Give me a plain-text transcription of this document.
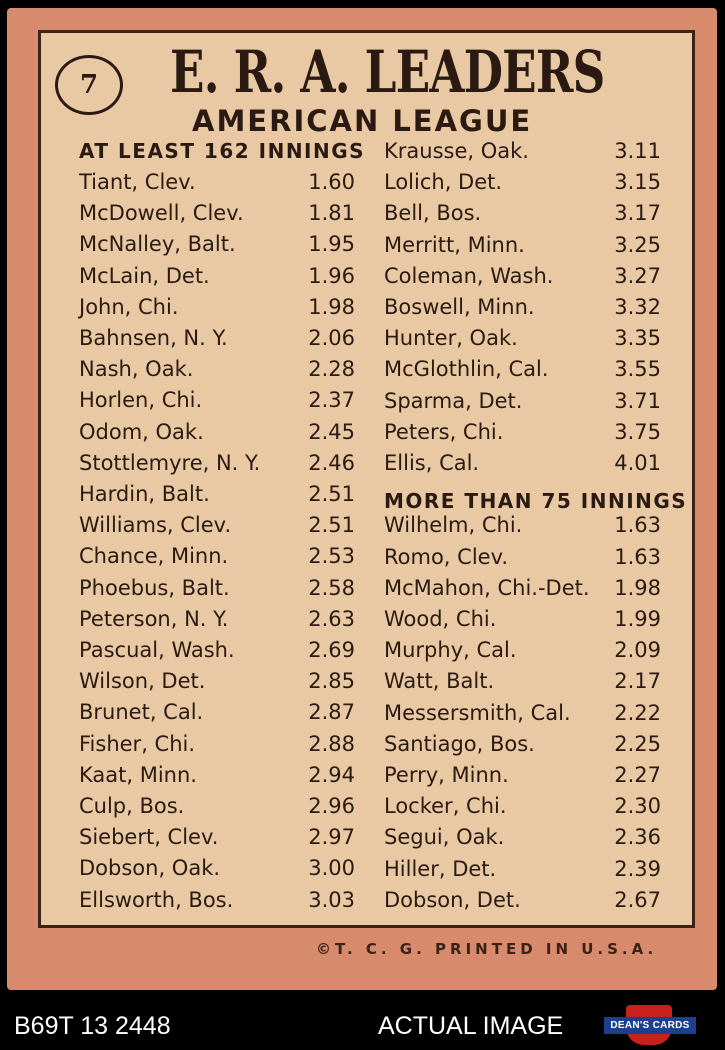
7 E. R. A. LEADERS
AMERICAN LEAGUE
AT LEAST 162 INNINGS
Tiant, Clev.	1.60
McDowell, Clev.	1.81
McNalley, Balt.	1.95
McLain, Det.	1.96
John, Chi.	1.98
Bahnsen, N. Y.	2.06
Nash, Oak.	2.28
Horlen, Chi.	2.37
Odom, Oak.	2.45
Stottlemyre, N. Y. 2.46
Hardin, Balt.	2.51
Williams, Clev.	2.51
Chance, Minn.	2.53
Phoebus, Balt.	2.58
Peterson, N. Y.	2.63
Pascual, Wash.	2.69
Wilson, Det.	2.85
Brunet, Cal.	2.87
Fisher, Chi.	2.88
Kaat, Minn.	2.94
Culp, Bos.	2.96
Siebert, Clev.	2.97
Dobson, Oak.	3.00
Ellsworth, Bos.	3.03
Krausse, Oak.	3.11
Lolich, Det.	3.15
Bell, Bos.	3.17
Merritt, Minn.	3.25
Coleman, Wash.	3.27
Boswell, Minn.	3.32
Hunter, Oak.	3.35
McGlothlin, Cal.	3.55
Sparma, Det.	3.71
Peters, Chi.	3.75
Ellis, Cal.	4.01
MORE THAN 75 INNINGS
Wilhelm, Chi.	1.63
Romo, Clev.	1.63
McMahon, Chi.-Det. 1.98
Wood, Chi.	1.99
Murphy, Cal.	2.09
Watt, Balt.	2.17
Messersmith, Cal. 2.22
Santiago, Bos.	2.25
Perry, Minn.	2.27
Locker, Chi.	2.30
Segui, Oak.	2.36
Hiller, Det.	2.39
Dobson, Det.	2.67
©T. C. G. PRINTED IN U.S.A.
B69T 13 2448	ACTUAL IMAGE	DEAN'S CARDS
